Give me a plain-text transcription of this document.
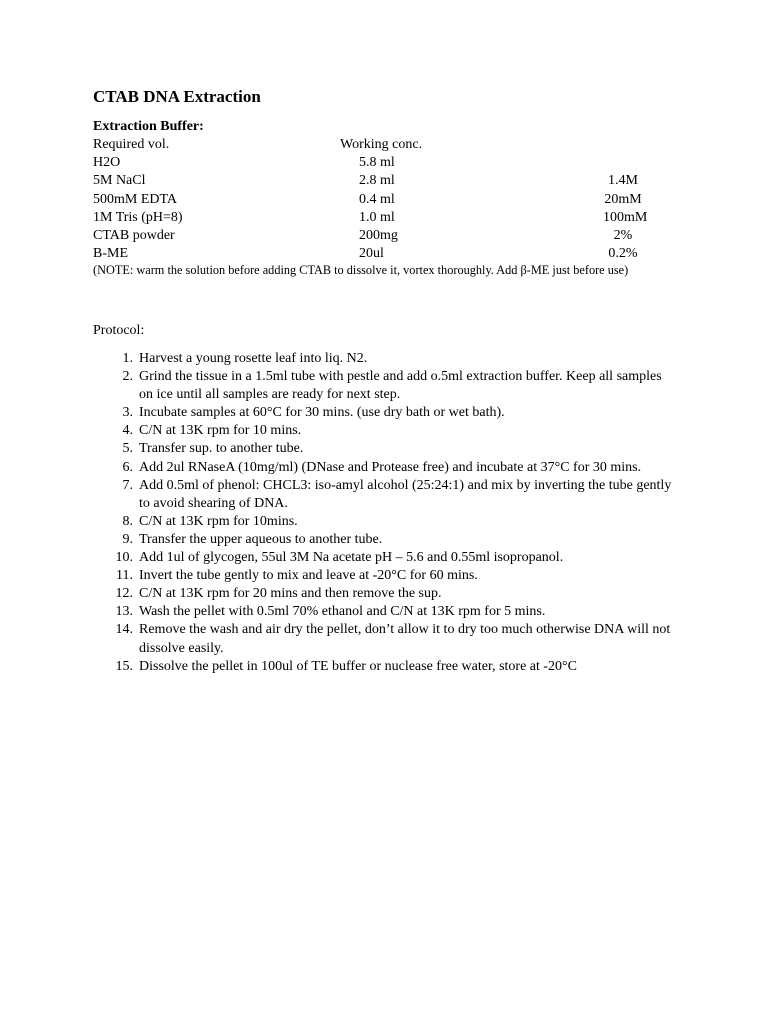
CTAB DNA Extraction
Extraction Buffer:
Required vol.	Working conc.
H2O	5.8 ml
5M NaCl	2.8 ml	1.4M
500mM EDTA	0.4 ml	20mM
1M Tris (pH=8)	1.0 ml	100mM
CTAB powder	200mg	2%
B-ME	20ul	0.2%
(NOTE: warm the solution before adding CTAB to dissolve it, vortex thoroughly. Add β-ME just before use)
Protocol:
1. Harvest a young rosette leaf into liq. N2.
2. Grind the tissue in a 1.5ml tube with pestle and add o.5ml extraction buffer. Keep all samples on ice until all samples are ready for next step.
3. Incubate samples at 60°C for 30 mins. (use dry bath or wet bath).
4. C/N at 13K rpm for 10 mins.
5. Transfer sup. to another tube.
6. Add 2ul RNaseA (10mg/ml) (DNase and Protease free) and incubate at 37°C for 30 mins.
7. Add 0.5ml of phenol: CHCL3: iso-amyl alcohol (25:24:1) and mix by inverting the tube gently to avoid shearing of DNA.
8. C/N at 13K rpm for 10mins.
9. Transfer the upper aqueous to another tube.
10. Add 1ul of glycogen, 55ul 3M Na acetate pH – 5.6 and 0.55ml isopropanol.
11. Invert the tube gently to mix and leave at -20°C for 60 mins.
12. C/N at 13K rpm for 20 mins and then remove the sup.
13. Wash the pellet with 0.5ml 70% ethanol and C/N at 13K rpm for 5 mins.
14. Remove the wash and air dry the pellet, don’t allow it to dry too much otherwise DNA will not dissolve easily.
15. Dissolve the pellet in 100ul of TE buffer or nuclease free water, store at -20°C
